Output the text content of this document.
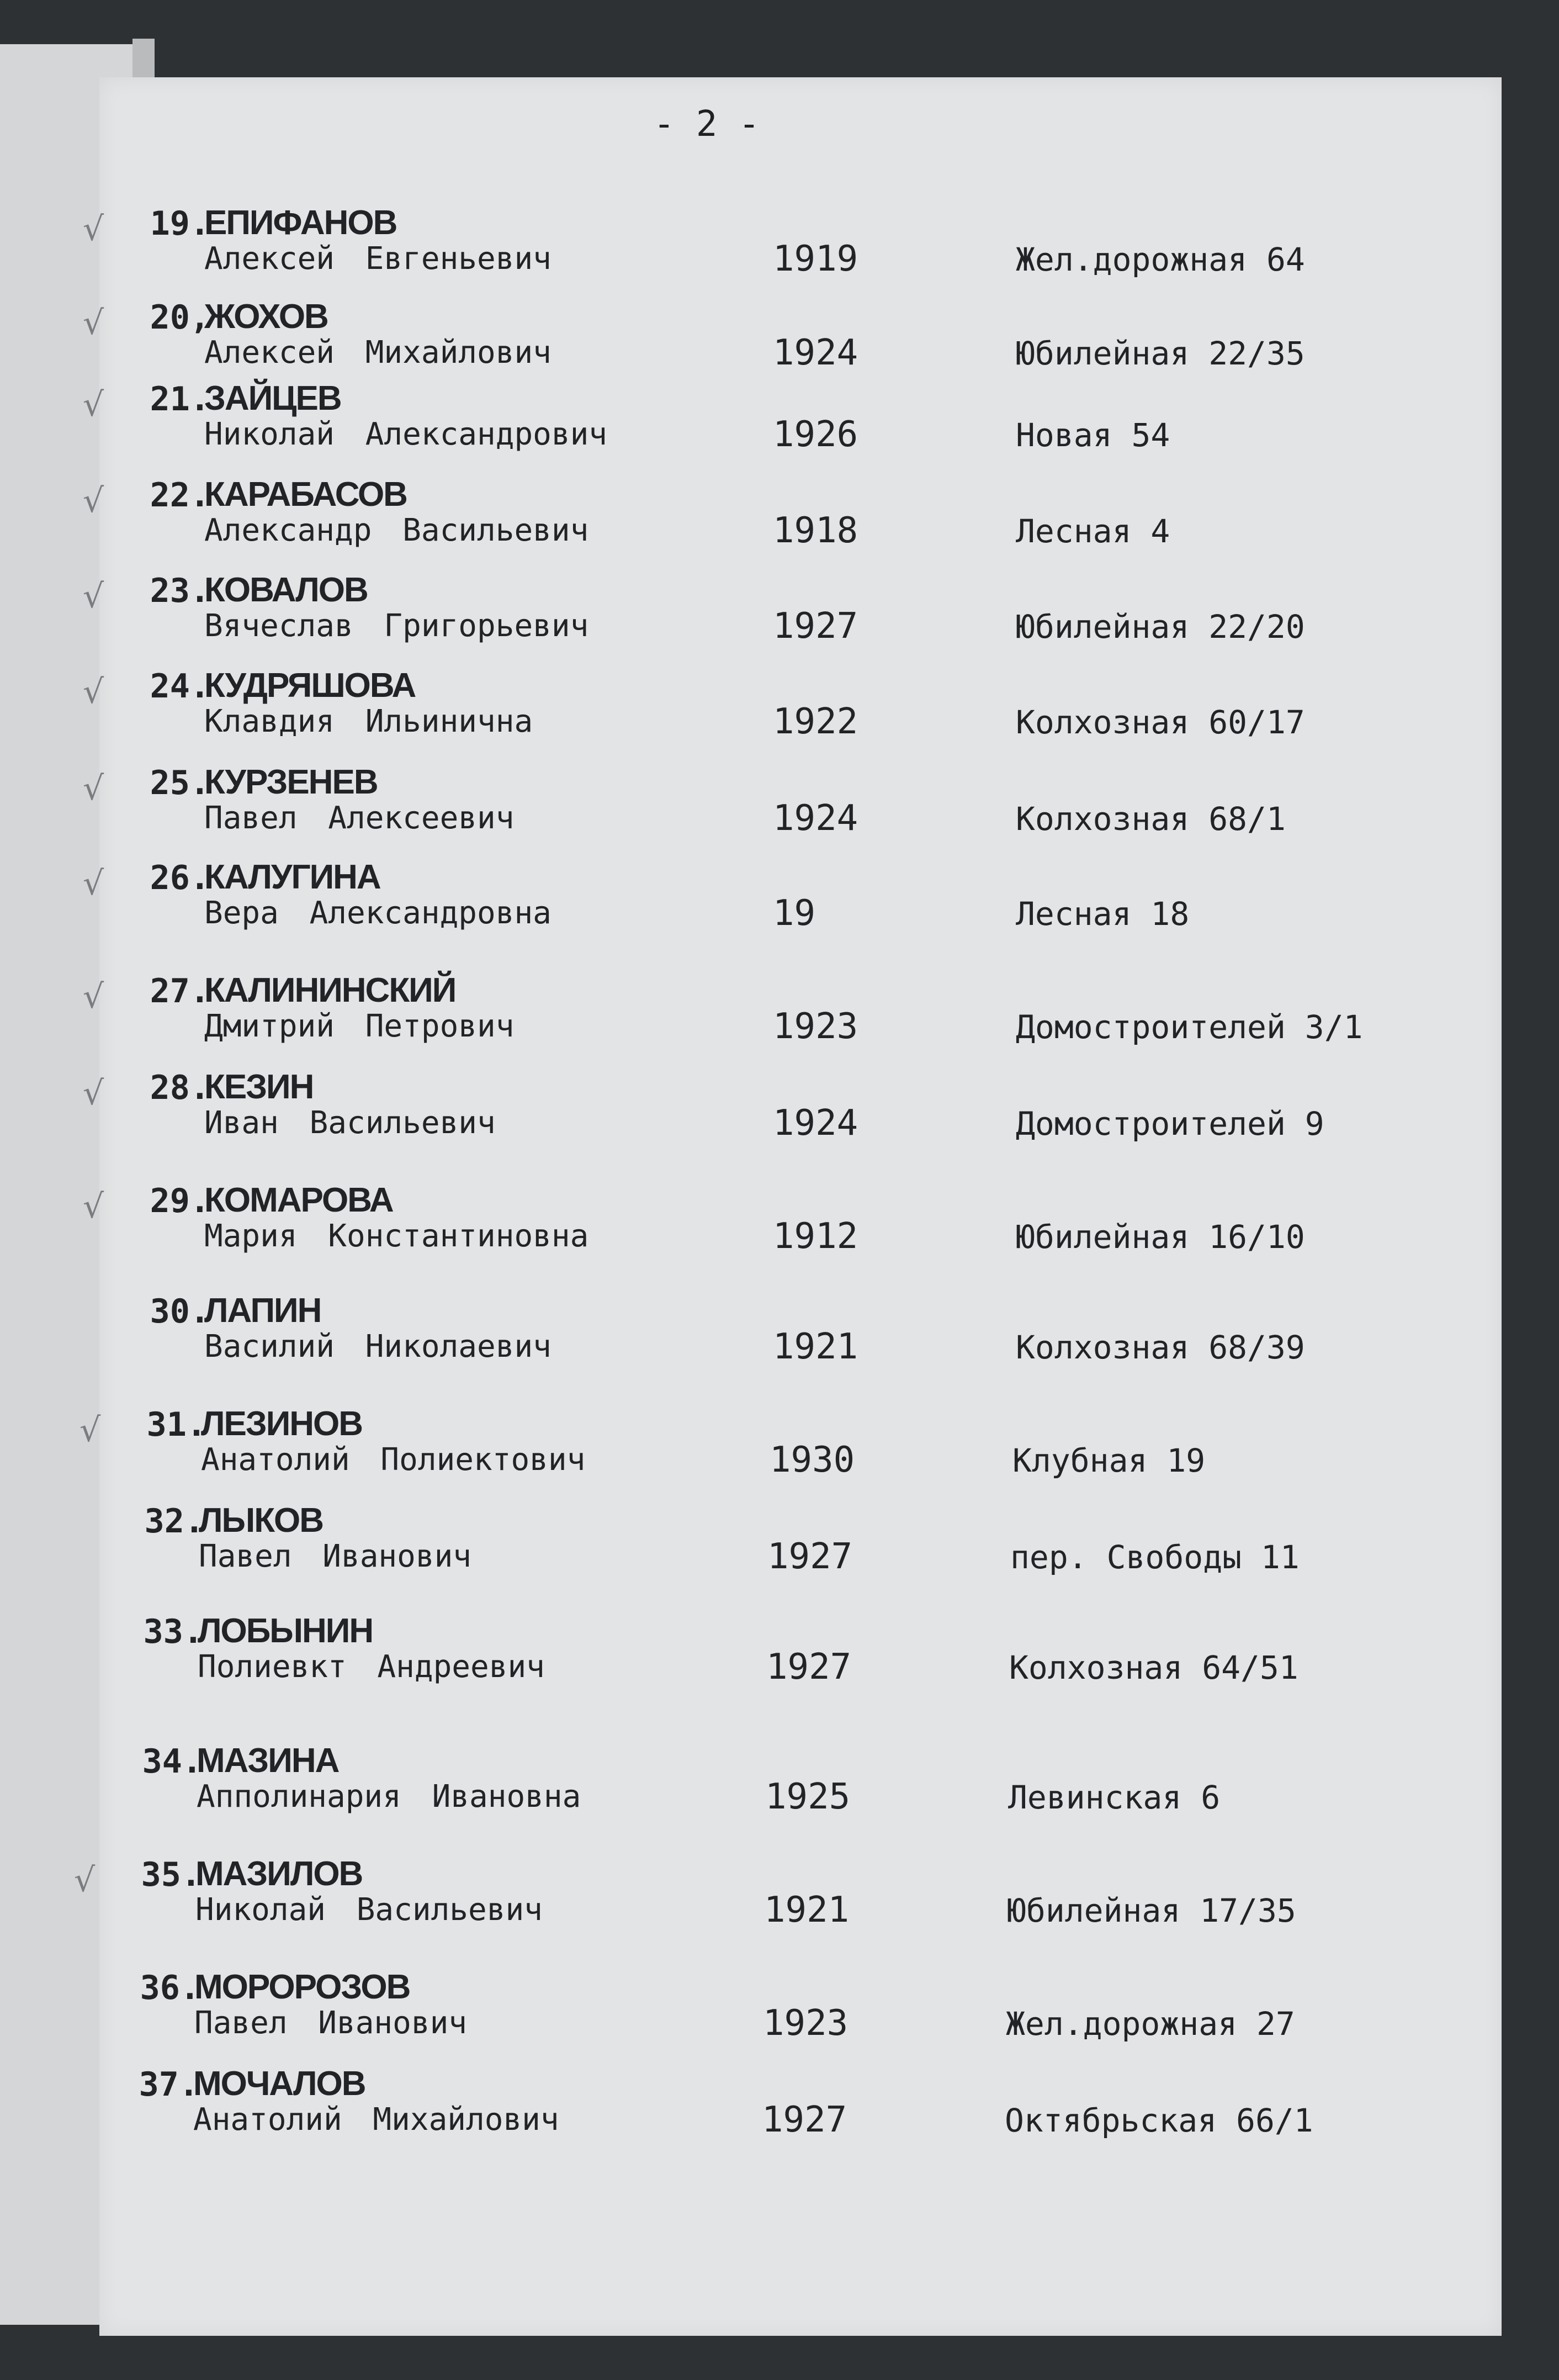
- 2 -
√	19.
ЕПИФАНОВ
Алексей Евгеньевич	1919	Жел.дорожная 64
√	20,
ЖОХОВ
Алексей Михайлович	1924	Юбилейная 22/35
√	21.
ЗАЙЦЕВ
Николай Александрович	1926	Новая 54
√	22.
КАРАБАСОВ
Александр Васильевич	1918	Лесная 4
√	23.
КОВАЛОВ
Вячеслав Григорьевич	1927	Юбилейная 22/20
√	24.
КУДРЯШОВА
Клавдия Ильинична	1922	Колхозная 60/17
√	25.
КУРЗЕНЕВ
Павел Алексеевич	1924	Колхозная 68/1
√	26.
КАЛУГИНА
Вера Александровна	19	Лесная 18
√	27.
КАЛИНИНСКИЙ
Дмитрий Петрович	1923	Домостроителей 3/1
√	28.
КЕЗИН
Иван Васильевич	1924	Домостроителей 9
√	29.
КОМАРОВА
Мария Константиновна	1912	Юбилейная 16/10
30.
ЛАПИН
Василий Николаевич	1921	Колхозная 68/39
√	31.
ЛЕЗИНОВ
Анатолий Полиектович	1930	Клубная 19
32.
ЛЫКОВ
Павел Иванович	1927	пер. Свободы 11
33.
ЛОБЫНИН
Полиевкт Андреевич	1927	Колхозная 64/51
34.
МАЗИНА
Апполинария Ивановна	1925	Левинская 6
√	35.
МАЗИЛОВ
Николай Васильевич	1921	Юбилейная 17/35
36.
МОРОРОЗОВ
Павел Иванович	1923	Жел.дорожная 27
37.
МОЧАЛОВ
Анатолий Михайлович	1927	Октябрьская 66/1
